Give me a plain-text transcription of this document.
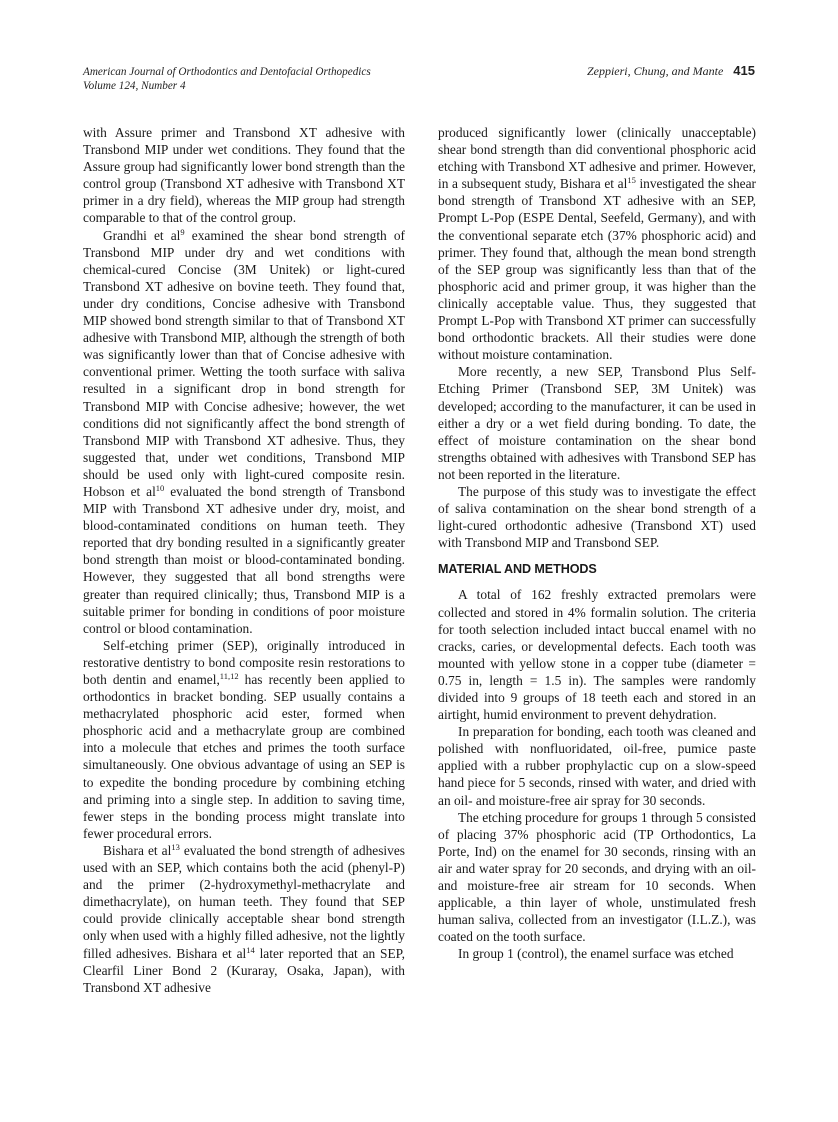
American Journal of Orthodontics and Dentofacial Orthopedics
Volume 124, Number 4
Zeppieri, Chung, and Mante 415

with Assure primer and Transbond XT adhesive with Transbond MIP under wet conditions. They found that the Assure group had significantly lower bond strength than the control group (Transbond XT adhesive with Transbond XT primer in a dry field), whereas the MIP group had strength comparable to that of the control group.

Grandhi et $al^9$ examined the shear bond strength of Transbond MIP under dry and wet conditions with chemical-cured Concise (3M Unitek) or light-cured Transbond XT adhesive on bovine teeth. They found that, under dry conditions, Concise adhesive with Transbond MIP showed bond strength similar to that of Transbond XT adhesive with Transbond MIP, although the strength of both was significantly lower than that of Concise adhesive with conventional primer. Wetting the tooth surface with saliva resulted in a significant drop in bond strength for Transbond MIP with Concise adhesive; however, the wet conditions did not significantly affect the bond strength of Transbond MIP with Transbond XT adhesive. Thus, they suggested that, under wet conditions, Transbond MIP should be used only with light-cured composite resin. Hobson et $al^{10}$ evaluated the bond strength of Transbond MIP with Transbond XT adhesive under dry, moist, and blood-contaminated conditions on human teeth. They reported that dry bonding resulted in a significantly greater bond strength than moist or blood-contaminated bonding. However, they suggested that all bond strengths were greater than required clinically; thus, Transbond MIP is a suitable primer for bonding in conditions of poor moisture control or blood contamination.

Self-etching primer (SEP), originally introduced in restorative dentistry to bond composite resin restorations to both dentin and enamel,$^{11,12}$ has recently been applied to orthodontics in bracket bonding. SEP usually contains a methacrylated phosphoric acid ester, formed when phosphoric acid and a methacrylate group are combined into a molecule that etches and primes the tooth surface simultaneously. One obvious advantage of using an SEP is to expedite the bonding procedure by combining etching and priming into a single step. In addition to saving time, fewer steps in the bonding process might translate into fewer procedural errors.

Bishara et $al^{13}$ evaluated the bond strength of adhesives used with an SEP, which contains both the acid (phenyl-P) and the primer (2-hydroxymethyl-methacrylate and dimethacrylate), on human teeth. They found that SEP could provide clinically acceptable shear bond strength only when used with a highly filled adhesive, not the lightly filled adhesives. Bishara et $al^{14}$ later reported that an SEP, Clearfil Liner Bond 2 (Kuraray, Osaka, Japan), with Transbond XT adhesive

produced significantly lower (clinically unacceptable) shear bond strength than did conventional phosphoric acid etching with Transbond XT adhesive and primer. However, in a subsequent study, Bishara et $al^{15}$ investigated the shear bond strength of Transbond XT adhesive with an SEP, Prompt L-Pop (ESPE Dental, Seefeld, Germany), and with the conventional separate etch (37% phosphoric acid) and primer. They found that, although the mean bond strength of the SEP group was significantly less than that of the phosphoric acid and primer group, it was higher than the clinically acceptable value. Thus, they suggested that Prompt L-Pop with Transbond XT primer can successfully bond orthodontic brackets. All their studies were done without moisture contamination.

More recently, a new SEP, Transbond Plus Self-Etching Primer (Transbond SEP, 3M Unitek) was developed; according to the manufacturer, it can be used in either a dry or a wet field during bonding. To date, the effect of moisture contamination on the shear bond strengths obtained with adhesives with Transbond SEP has not been reported in the literature.

The purpose of this study was to investigate the effect of saliva contamination on the shear bond strength of a light-cured orthodontic adhesive (Transbond XT) used with Transbond MIP and Transbond SEP.

MATERIAL AND METHODS

A total of 162 freshly extracted premolars were collected and stored in 4% formalin solution. The criteria for tooth selection included intact buccal enamel with no cracks, caries, or developmental defects. Each tooth was mounted with yellow stone in a copper tube (diameter = 0.75 in, length = 1.5 in). The samples were randomly divided into 9 groups of 18 teeth each and stored in an airtight, humid environment to prevent dehydration.

In preparation for bonding, each tooth was cleaned and polished with nonfluoridated, oil-free, pumice paste applied with a rubber prophylactic cup on a slow-speed hand piece for 5 seconds, rinsed with water, and dried with an oil- and moisture-free air spray for 30 seconds.

The etching procedure for groups 1 through 5 consisted of placing 37% phosphoric acid (TP Orthodontics, La Porte, Ind) on the enamel for 30 seconds, rinsing with an air and water spray for 20 seconds, and drying with an oil- and moisture-free air stream for 10 seconds. When applicable, a thin layer of whole, unstimulated fresh human saliva, collected from an investigator (I.L.Z.), was coated on the tooth surface.

In group 1 (control), the enamel surface was etched
